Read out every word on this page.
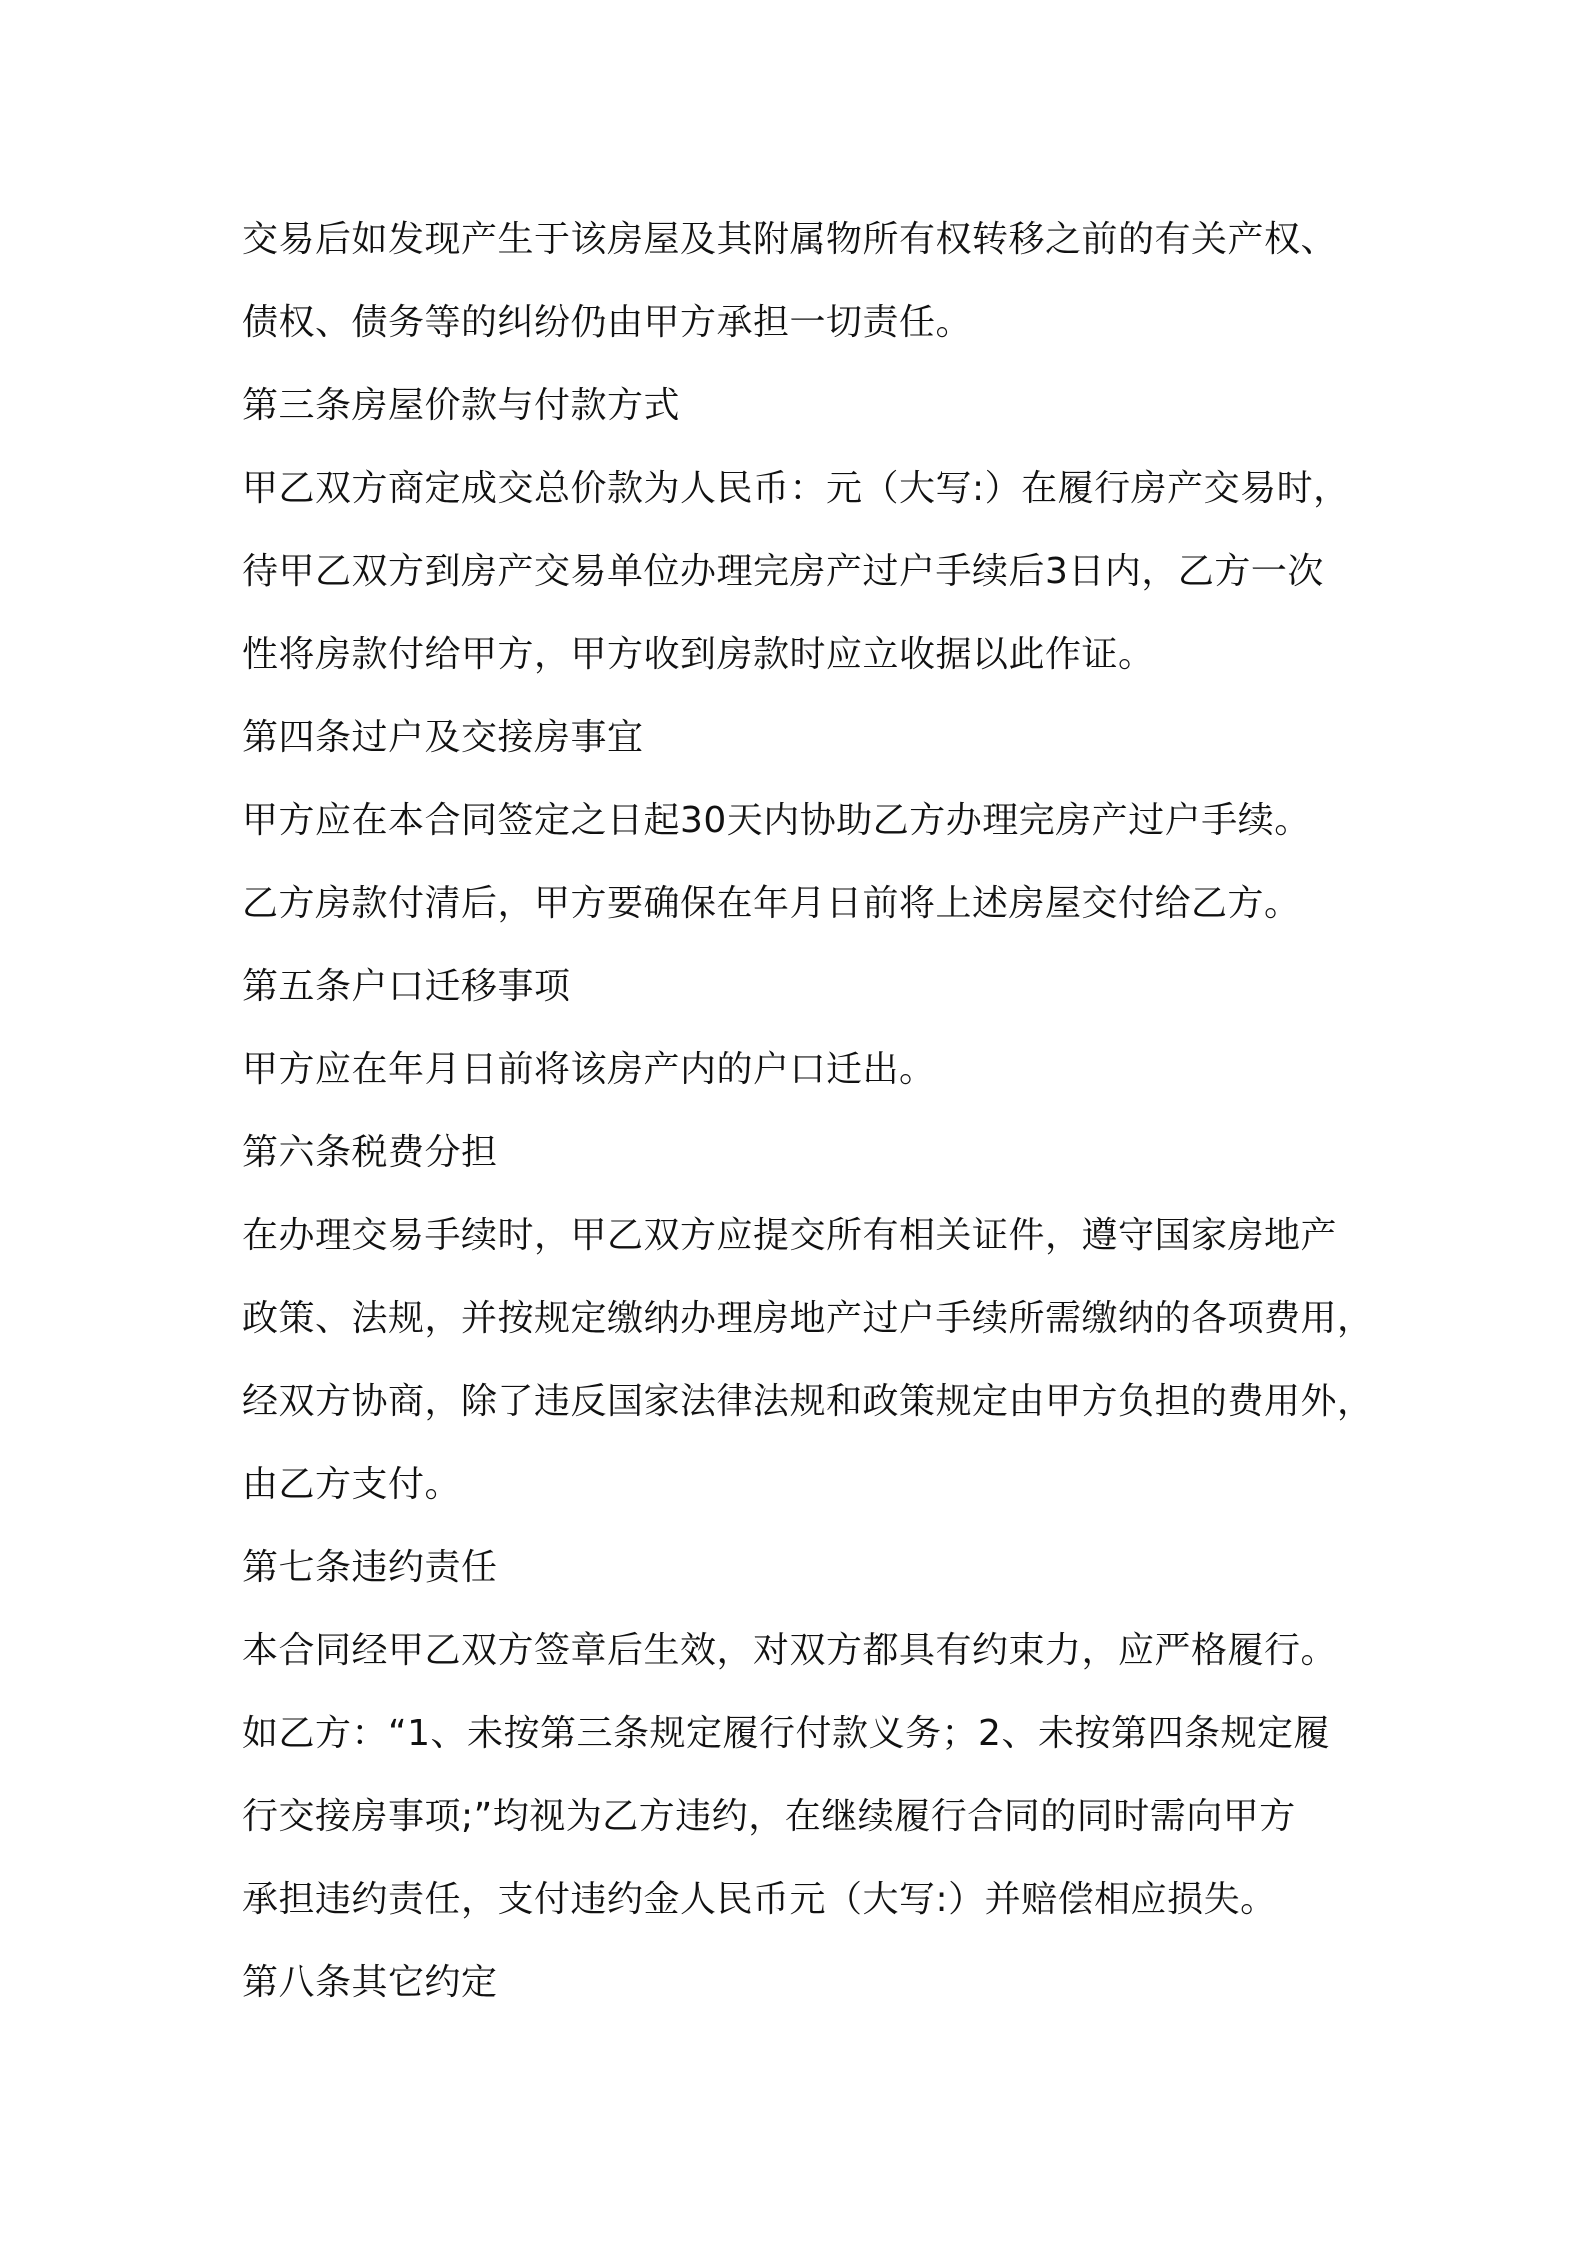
交易后如发现产生于该房屋及其附属物所有权转移之前的有关产权、
债权、债务等的纠纷仍由甲方承担一切责任。
第三条房屋价款与付款方式
甲乙双方商定成交总价款为人民币：元（大写:）在履行房产交易时，
待甲乙双方到房产交易单位办理完房产过户手续后3日内，乙方一次
性将房款付给甲方，甲方收到房款时应立收据以此作证。
第四条过户及交接房事宜
甲方应在本合同签定之日起30天内协助乙方办理完房产过户手续。
乙方房款付清后，甲方要确保在年月日前将上述房屋交付给乙方。
第五条户口迁移事项
甲方应在年月日前将该房产内的户口迁出。
第六条税费分担
在办理交易手续时，甲乙双方应提交所有相关证件，遵守国家房地产
政策、法规，并按规定缴纳办理房地产过户手续所需缴纳的各项费用，
经双方协商，除了违反国家法律法规和政策规定由甲方负担的费用外，
由乙方支付。
第七条违约责任
本合同经甲乙双方签章后生效，对双方都具有约束力，应严格履行。
如乙方：“1、未按第三条规定履行付款义务；2、未按第四条规定履
行交接房事项;”均视为乙方违约，在继续履行合同的同时需向甲方
承担违约责任，支付违约金人民币元（大写:）并赔偿相应损失。
第八条其它约定
